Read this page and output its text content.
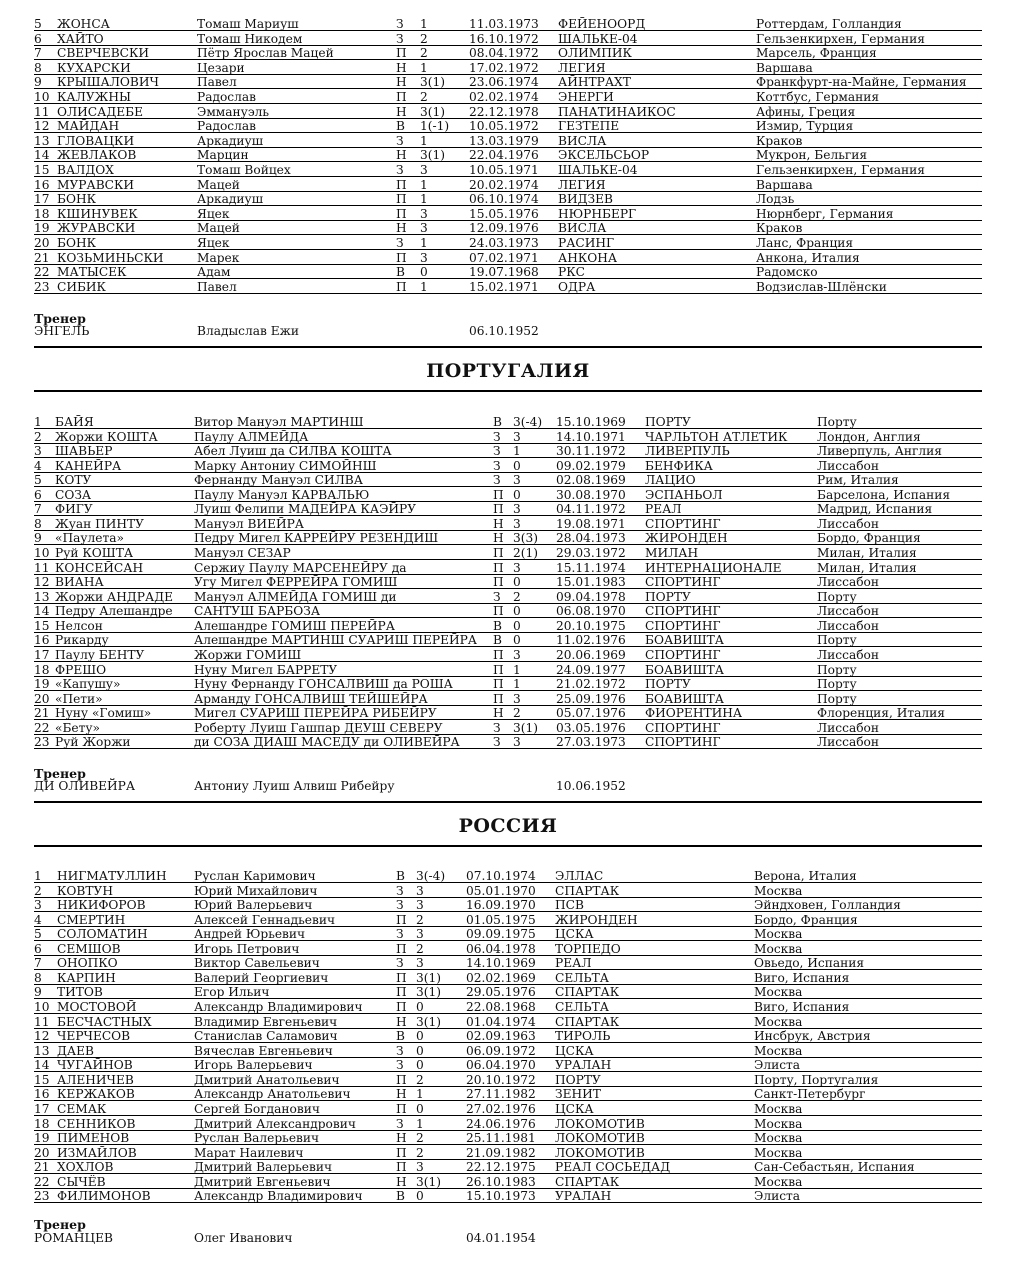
5	ЖОНСА	Томаш Мариуш	З	1	11.03.1973	ФЕЙЕНООРД	Роттердам, Голландия
6	ХАЙТО	Томаш Никодем	З	2	16.10.1972	ШАЛЬКЕ-04	Гельзенкирхен, Германия
7	СВЕРЧЕВСКИ	Пётр Ярослав Мацей	П	2	08.04.1972	ОЛИМПИК	Марсель, Франция
8	КУХАРСКИ	Цезари	Н	1	17.02.1972	ЛЕГИЯ	Варшава
9	КРЫШАЛОВИЧ	Павел	Н	3(1)	23.06.1974	АЙНТРАХТ	Франкфурт-на-Майне, Германия
10 КАЛУЖНЫ	Радослав	П	2	02.02.1974	ЭНЕРГИ	Коттбус, Германия
11 ОЛИСАДЕБЕ	Эммануэль	Н	3(1)	22.12.1978	ПАНАТИНАИКОС	Афины, Греция
12 МАЙДАН	Радослав	В	1(-1)	10.05.1972	ГЕЗТЕПЕ	Измир, Турция
13 ГЛОВАЦКИ	Аркадиуш	З	1	13.03.1979	ВИСЛА	Краков
14 ЖЕВЛАКОВ	Марцин	Н	3(1)	22.04.1976	ЭКСЕЛЬСЬОР	Мукрон, Бельгия
15 ВАЛДОХ	Томаш Войцех	З	3	10.05.1971	ШАЛЬКЕ-04	Гельзенкирхен, Германия
16 МУРАВСКИ	Мацей	П	1	20.02.1974	ЛЕГИЯ	Варшава
17 БОНК	Аркадиуш	П	1	06.10.1974	ВИДЗЕВ	Лодзь
18 КШИНУВЕК	Яцек	П	3	15.05.1976	НЮРНБЕРГ	Нюрнберг, Германия
19 ЖУРАВСКИ	Мацей	Н	3	12.09.1976	ВИСЛА	Краков
20 БОНК	Яцек	З	1	24.03.1973	РАСИНГ	Ланс, Франция
21 КОЗЬМИНЬСКИ	Марек	П	3	07.02.1971	АНКОНА	Анкона, Италия
22 МАТЫСЕК	Адам	В	0	19.07.1968	РКС	Радомско
23 СИБИК	Павел	П	1	15.02.1971	ОДРА	Водзислав-Шлёнски
Тренер
ЭНГЕЛЬ	Владыслав Ежи	06.10.1952
ПОРТУГАЛИЯ
1	БАЙЯ	Витор Мануэл МАРТИНШ	В 3(-4)	15.10.1969	ПОРТУ	Порту
2	Жоржи КОШТА	Паулу АЛМЕЙДА	З	3	14.10.1971	ЧАРЛЬТОН АТЛЕТИК	Лондон, Англия
3	ШАВЬЕР	Абел Луиш да СИЛВА КОШТА	З	1	30.11.1972	ЛИВЕРПУЛЬ	Ливерпуль, Англия
4	КАНЕЙРА	Марку Антониу СИМОЙНШ	З	0	09.02.1979	БЕНФИКА	Лиссабон
5	КОТУ	Фернанду Мануэл СИЛВА	З	3	02.08.1969	ЛАЦИО	Рим, Италия
6	СОЗА	Паулу Мануэл КАРВАЛЬЮ	П 0	30.08.1970	ЭСПАНЬОЛ	Барселона, Испания
7	ФИГУ	Луиш Фелипи МАДЕЙРА КАЭЙРУ	П 3	04.11.1972	РЕАЛ	Мадрид, Испания
8	Жуан ПИНТУ	Мануэл ВИЕЙРА	Н 3	19.08.1971	СПОРТИНГ	Лиссабон
9	«Паулета»	Педру Мигел КАРРЕЙРУ РЕЗЕНДИШ	Н 3(3)	28.04.1973	ЖИРОНДЕН	Бордо, Франция
10 Руй КОШТА	Мануэл СЕЗАР	П 2(1)	29.03.1972	МИЛАН	Милан, Италия
11 КОНСЕЙСАН	Сержиу Паулу МАРСЕНЕЙРУ да	П 3	15.11.1974	ИНТЕРНАЦИОНАЛЕ	Милан, Италия
12 ВИАНА	Угу Мигел ФЕРРЕЙРА ГОМИШ	П 0	15.01.1983	СПОРТИНГ	Лиссабон
13 Жоржи АНДРАДЕ	Мануэл АЛМЕЙДА ГОМИШ ди	З	2	09.04.1978	ПОРТУ	Порту
14 Педру Алешандре	САНТУШ БАРБОЗА	П 0	06.08.1970	СПОРТИНГ	Лиссабон
15 Нелсон	Алешандре ГОМИШ ПЕРЕЙРА	В 0	20.10.1975	СПОРТИНГ	Лиссабон
16 Рикарду	Алешандре МАРТИНШ СУАРИШ ПЕРЕЙРА	В 0	11.02.1976	БОАВИШТА	Порту
17 Паулу БЕНТУ	Жоржи ГОМИШ	П 3	20.06.1969	СПОРТИНГ	Лиссабон
18 ФРЕШО	Нуну Мигел БАРРЕТУ	П 1	24.09.1977	БОАВИШТА	Порту
19 «Капушу»	Нуну Фернанду ГОНСАЛВИШ да РОША	П 1	21.02.1972	ПОРТУ	Порту
20 «Пети»	Арманду ГОНСАЛВИШ ТЕЙШЕЙРА	П 3	25.09.1976	БОАВИШТА	Порту
21 Нуну «Гомиш»	Мигел СУАРИШ ПЕРЕЙРА РИБЕЙРУ	Н 2	05.07.1976	ФИОРЕНТИНА	Флоренция, Италия
22 «Бету»	Роберту Луиш Гашпар ДЕУШ СЕВЕРУ	З	3(1)	03.05.1976	СПОРТИНГ	Лиссабон
23 Руй Жоржи	ди СОЗА ДИАШ МАСЕДУ ди ОЛИВЕЙРА	З	3	27.03.1973	СПОРТИНГ	Лиссабон
Тренер
ДИ ОЛИВЕЙРА	Антониу Луиш Алвиш Рибейру	10.06.1952
РОССИЯ
1	НИГМАТУЛЛИН	Руслан Каримович	В 3(-4)	07.10.1974	ЭЛЛАС	Верона, Италия
2	КОВТУН	Юрий Михайлович	З	3	05.01.1970	СПАРТАК	Москва
3	НИКИФОРОВ	Юрий Валерьевич	З	3	16.09.1970	ПСВ	Эйндховен, Голландия
4	СМЕРТИН	Алексей Геннадьевич	П 2	01.05.1975	ЖИРОНДЕН	Бордо, Франция
5	СОЛОМАТИН	Андрей Юрьевич	З	3	09.09.1975	ЦСКА	Москва
6	СЕМШОВ	Игорь Петрович	П 2	06.04.1978	ТОРПЕДО	Москва
7	ОНОПКО	Виктор Савельевич	З	3	14.10.1969	РЕАЛ	Овьедо, Испания
8	КАРПИН	Валерий Георгиевич	П 3(1)	02.02.1969	СЕЛЬТА	Виго, Испания
9	ТИТОВ	Егор Ильич	П 3(1)	29.05.1976	СПАРТАК	Москва
10 МОСТОВОЙ	Александр Владимирович	П 0	22.08.1968	СЕЛЬТА	Виго, Испания
11 БЕСЧАСТНЫХ	Владимир Евгеньевич	Н 3(1)	01.04.1974	СПАРТАК	Москва
12 ЧЕРЧЕСОВ	Станислав Саламович	В 0	02.09.1963	ТИРОЛЬ	Инсбрук, Австрия
13 ДАЕВ	Вячеслав Евгеньевич	З	0	06.09.1972	ЦСКА	Москва
14 ЧУГАЙНОВ	Игорь Валерьевич	З	0	06.04.1970	УРАЛАН	Элиста
15 АЛЕНИЧЕВ	Дмитрий Анатольевич	П 2	20.10.1972	ПОРТУ	Порту, Португалия
16 КЕРЖАКОВ	Александр Анатольевич	Н 1	27.11.1982	ЗЕНИТ	Санкт-Петербург
17 СЕМАК	Сергей Богданович	П 0	27.02.1976	ЦСКА	Москва
18 СЕННИКОВ	Дмитрий Александрович	З	1	24.06.1976	ЛОКОМОТИВ	Москва
19 ПИМЕНОВ	Руслан Валерьевич	Н 2	25.11.1981	ЛОКОМОТИВ	Москва
20 ИЗМАЙЛОВ	Марат Наилевич	П 2	21.09.1982	ЛОКОМОТИВ	Москва
21 ХОХЛОВ	Дмитрий Валерьевич	П 3	22.12.1975	РЕАЛ СОСЬЕДАД	Сан-Себастьян, Испания
22 СЫЧЁВ	Дмитрий Евгеньевич	Н 3(1)	26.10.1983	СПАРТАК	Москва
23 ФИЛИМОНОВ	Александр Владимирович	В 0	15.10.1973	УРАЛАН	Элиста
Тренер
РОМАНЦЕВ	Олег Иванович	04.01.1954
